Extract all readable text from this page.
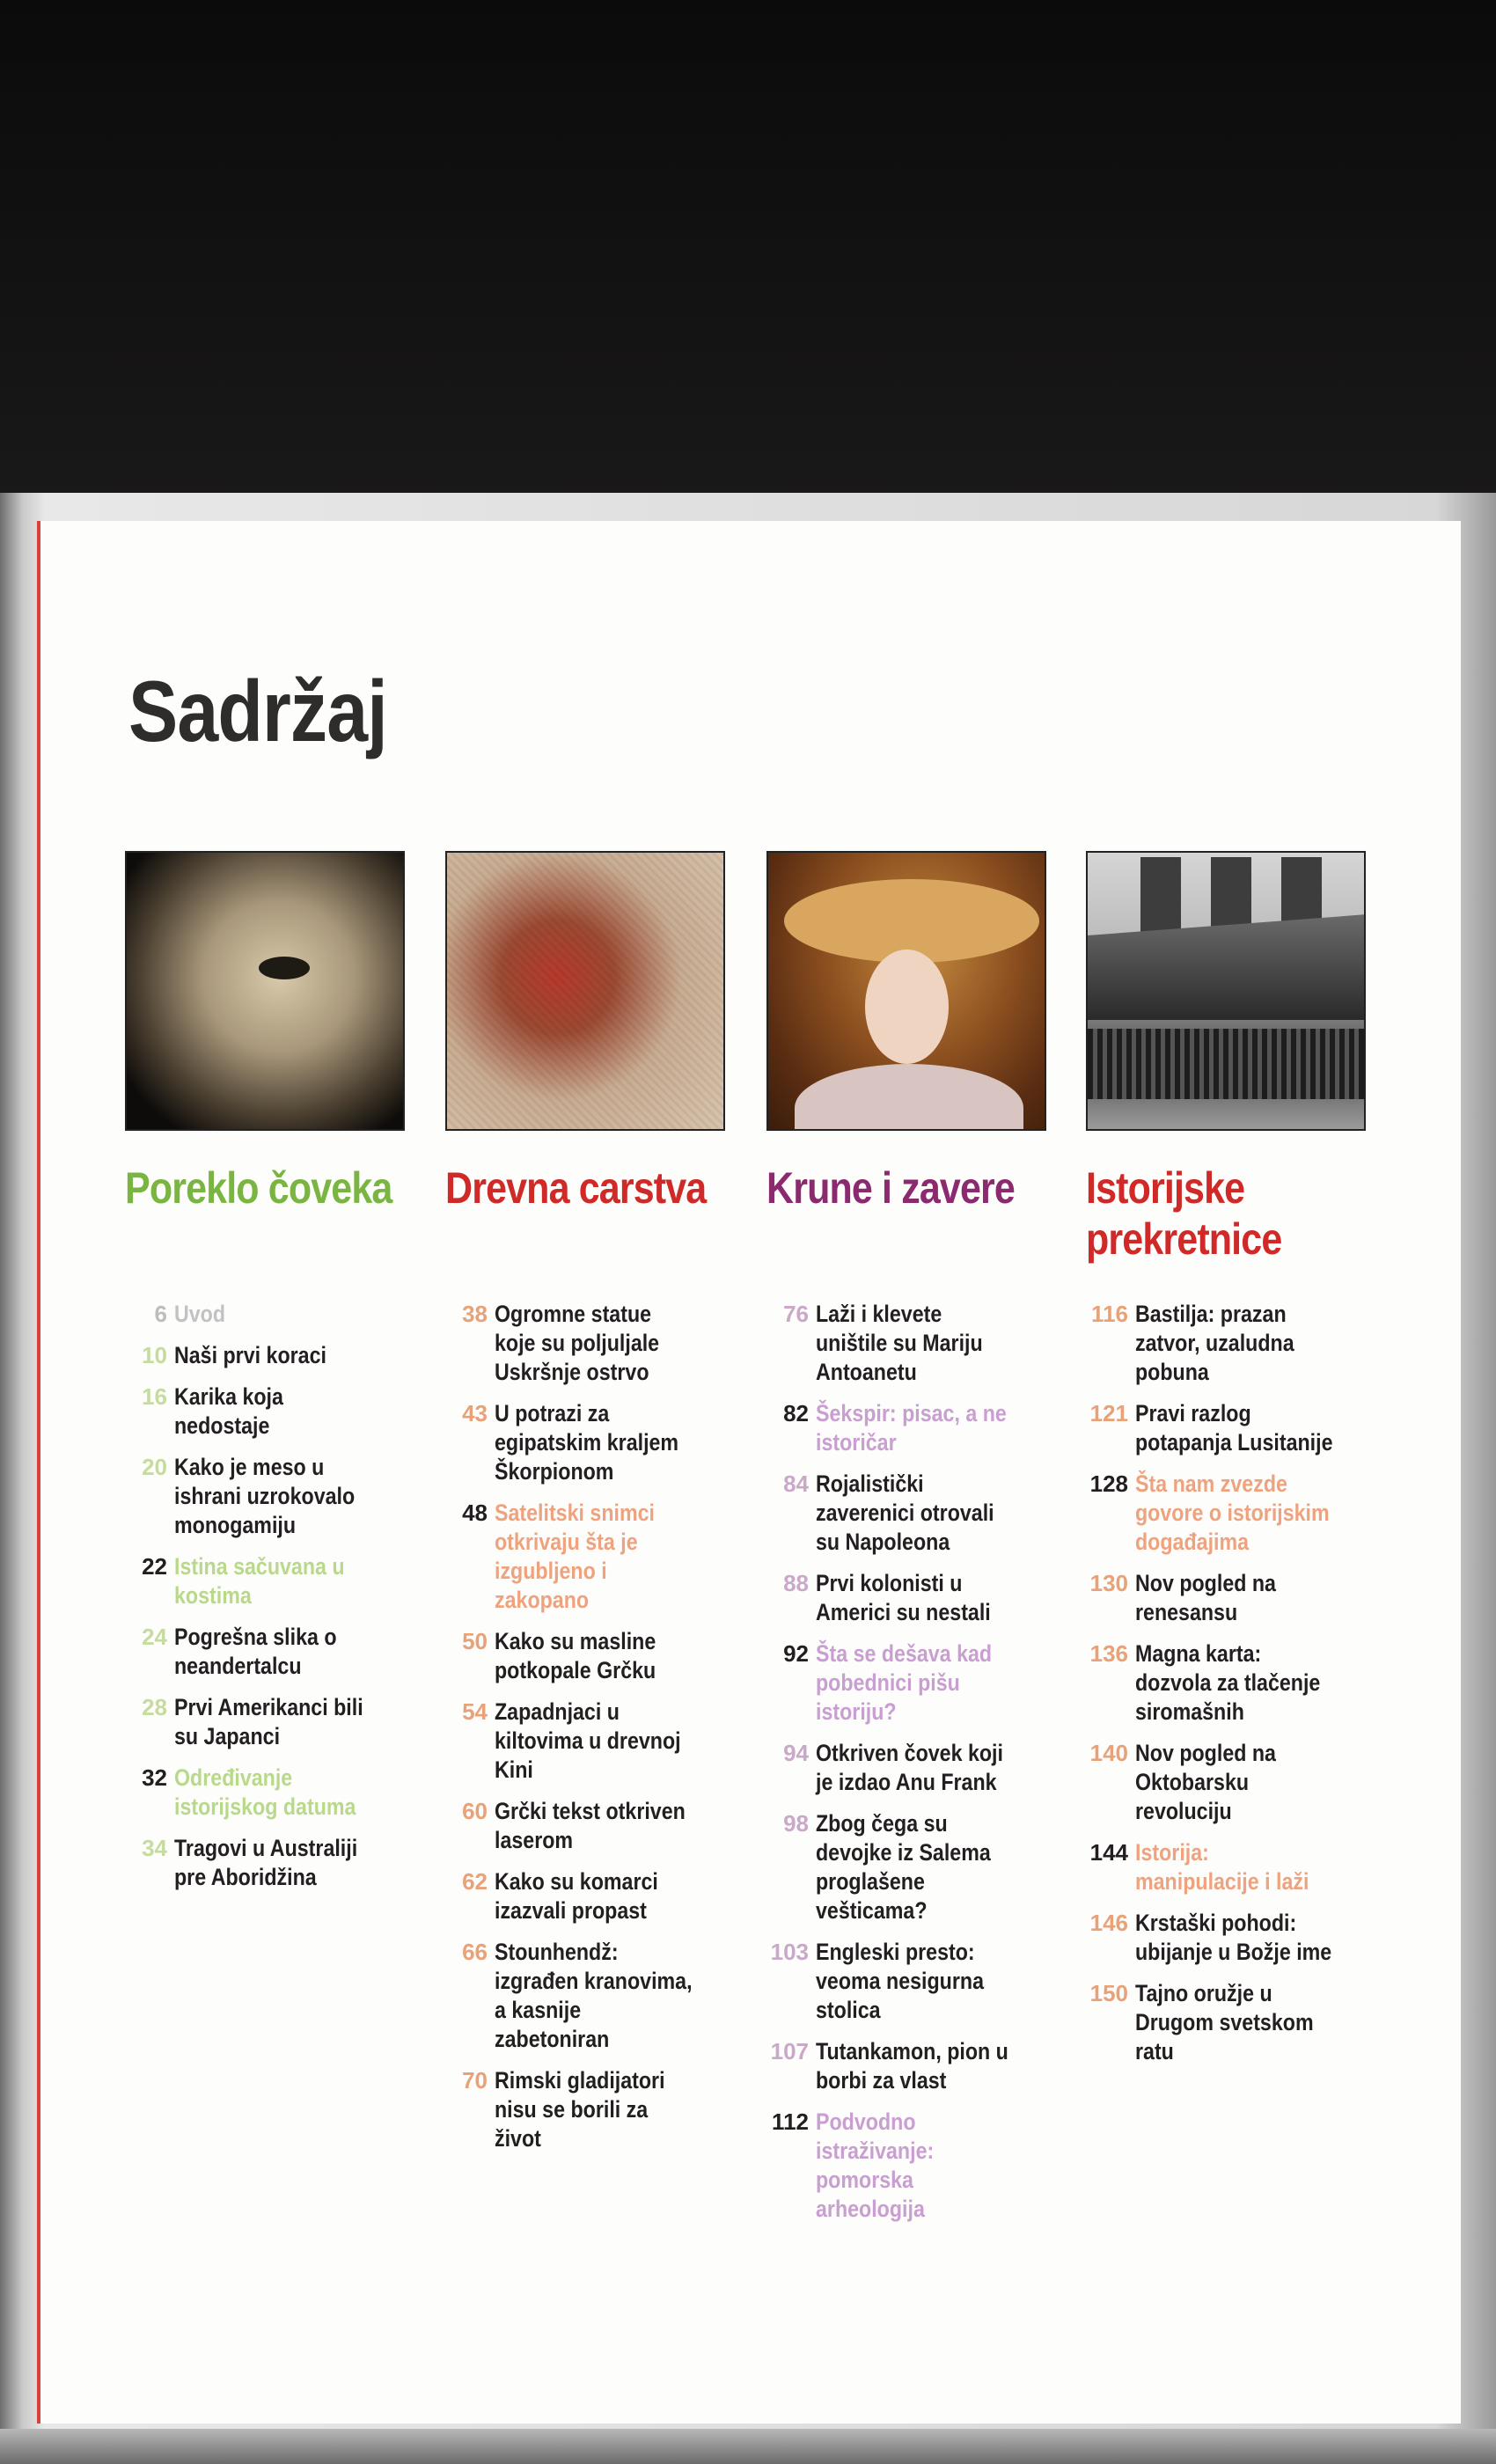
Sadržaj
Poreklo čoveka
6 Uvod
10 Naši prvi koraci
16 Karika koja nedostaje
20 Kako je meso u ishrani uzrokovalo monogamiju
22 Istina sačuvana u kostima
24 Pogrešna slika o neandertalcu
28 Prvi Amerikanci bili su Japanci
32 Određivanje istorijskog datuma
34 Tragovi u Australiji pre Aboridžina
Drevna carstva
38 Ogromne statue koje su poljuljale Uskršnje ostrvo
43 U potrazi za egipatskim kraljem Škorpionom
48 Satelitski snimci otkrivaju šta je izgubljeno i zakopano
50 Kako su masline potkopale Grčku
54 Zapadnjaci u kiltovima u drevnoj Kini
60 Grčki tekst otkriven laserom
62 Kako su komarci izazvali propast
66 Stounhendž: izgrađen kranovima, a kasnije zabetoniran
70 Rimski gladijatori nisu se borili za život
Krune i zavere
76 Laži i klevete uništile su Mariju Antoanetu
82 Šekspir: pisac, a ne istoričar
84 Rojalistički zaverenici otrovali su Napoleona
88 Prvi kolonisti u Americi su nestali
92 Šta se dešava kad pobednici pišu istoriju?
94 Otkriven čovek koji je izdao Anu Frank
98 Zbog čega su devojke iz Salema proglašene vešticama?
103 Engleski presto: veoma nesigurna stolica
107 Tutankamon, pion u borbi za vlast
112 Podvodno istraživanje: pomorska arheologija
Istorijske prekretnice
116 Bastilja: prazan zatvor, uzaludna pobuna
121 Pravi razlog potapanja Lusitanije
128 Šta nam zvezde govore o istorijskim događajima
130 Nov pogled na renesansu
136 Magna karta: dozvola za tlačenje siromašnih
140 Nov pogled na Oktobarsku revoluciju
144 Istorija: manipulacije i laži
146 Krstaški pohodi: ubijanje u Božje ime
150 Tajno oružje u Drugom svetskom ratu
